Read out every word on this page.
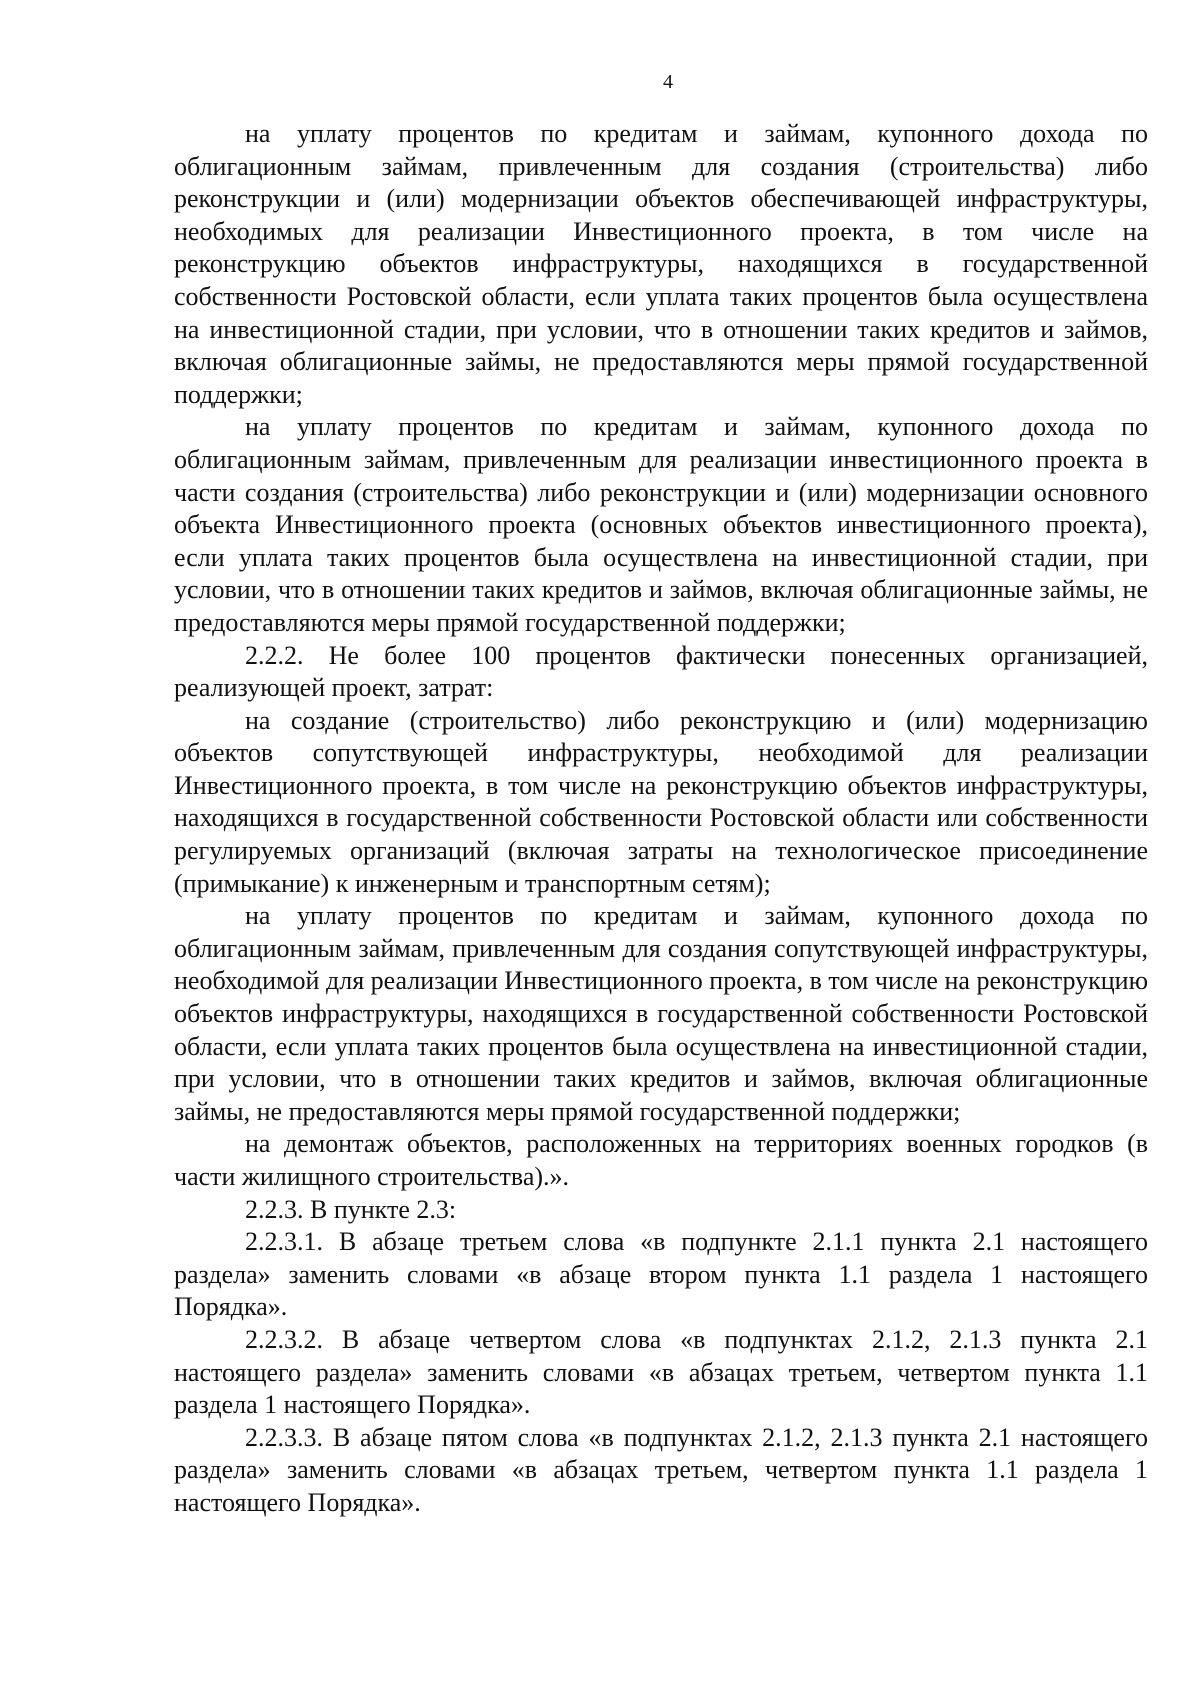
4

на уплату процентов по кредитам и займам, купонного дохода по облигационным займам, привлеченным для создания (строительства) либо реконструкции и (или) модернизации объектов обеспечивающей инфраструктуры, необходимых для реализации Инвестиционного проекта, в том числе на реконструкцию объектов инфраструктуры, находящихся в государственной собственности Ростовской области, если уплата таких процентов была осуществлена на инвестиционной стадии, при условии, что в отношении таких кредитов и займов, включая облигационные займы, не предоставляются меры прямой государственной поддержки;

на уплату процентов по кредитам и займам, купонного дохода по облигационным займам, привлеченным для реализации инвестиционного проекта в части создания (строительства) либо реконструкции и (или) модернизации основного объекта Инвестиционного проекта (основных объектов инвестиционного проекта), если уплата таких процентов была осуществлена на инвестиционной стадии, при условии, что в отношении таких кредитов и займов, включая облигационные займы, не предоставляются меры прямой государственной поддержки;

2.2.2. Не более 100 процентов фактически понесенных организацией, реализующей проект, затрат:

на создание (строительство) либо реконструкцию и (или) модернизацию объектов сопутствующей инфраструктуры, необходимой для реализации Инвестиционного проекта, в том числе на реконструкцию объектов инфраструктуры, находящихся в государственной собственности Ростовской области или собственности регулируемых организаций (включая затраты на технологическое присоединение (примыкание) к инженерным и транспортным сетям);

на уплату процентов по кредитам и займам, купонного дохода по облигационным займам, привлеченным для создания сопутствующей инфраструктуры, необходимой для реализации Инвестиционного проекта, в том числе на реконструкцию объектов инфраструктуры, находящихся в государственной собственности Ростовской области, если уплата таких процентов была осуществлена на инвестиционной стадии, при условии, что в отношении таких кредитов и займов, включая облигационные займы, не предоставляются меры прямой государственной поддержки;

на демонтаж объектов, расположенных на территориях военных городков (в части жилищного строительства).».

2.2.3. В пункте 2.3:

2.2.3.1. В абзаце третьем слова «в подпункте 2.1.1 пункта 2.1 настоящего раздела» заменить словами «в абзаце втором пункта 1.1 раздела 1 настоящего Порядка».

2.2.3.2. В абзаце четвертом слова «в подпунктах 2.1.2, 2.1.3 пункта 2.1 настоящего раздела» заменить словами «в абзацах третьем, четвертом пункта 1.1 раздела 1 настоящего Порядка».

2.2.3.3. В абзаце пятом слова «в подпунктах 2.1.2, 2.1.3 пункта 2.1 настоящего раздела» заменить словами «в абзацах третьем, четвертом пункта 1.1 раздела 1 настоящего Порядка».
